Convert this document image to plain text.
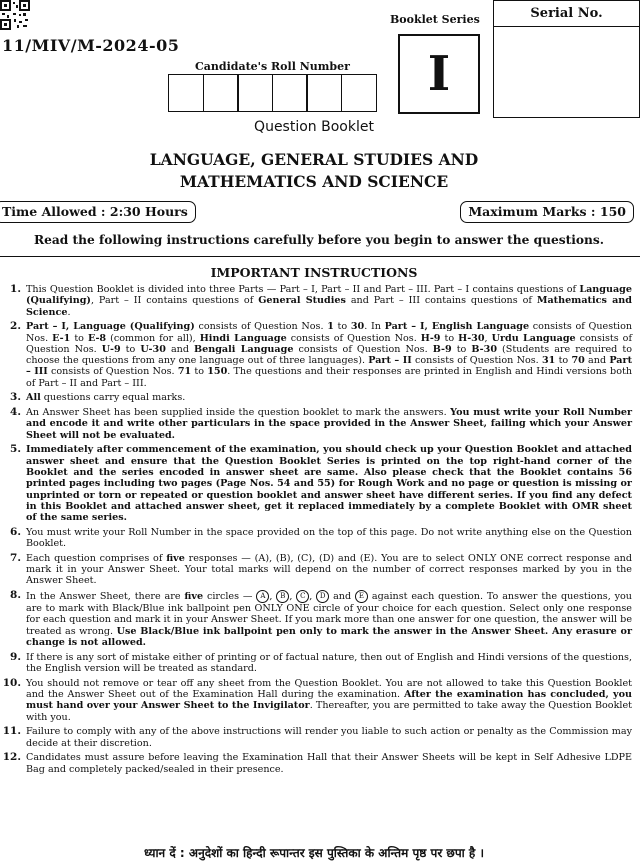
11/MIV/M-2024-05
Booklet Series
I
Serial No.
Candidate's Roll Number
Question Booklet
LANGUAGE, GENERAL STUDIES AND
MATHEMATICS AND SCIENCE
Time Allowed : 2:30 Hours	Maximum Marks : 150
Read the following instructions carefully before you begin to answer the questions.
IMPORTANT INSTRUCTIONS
1. This Question Booklet is divided into three Parts — Part – I, Part – II and Part – III. Part – I contains questions of Language (Qualifying), Part – II contains questions of General Studies and Part – III contains questions of Mathematics and Science.
2. Part – I, Language (Qualifying) consists of Question Nos. 1 to 30. In Part – I, English Language consists of Question Nos. E-1 to E-8 (common for all), Hindi Language consists of Question Nos. H-9 to H-30, Urdu Language consists of Question Nos. U-9 to U-30 and Bengali Language consists of Question Nos. B-9 to B-30 (Students are required to choose the questions from any one language out of three languages). Part – II consists of Question Nos. 31 to 70 and Part – III consists of Question Nos. 71 to 150. The questions and their responses are printed in English and Hindi versions both of Part – II and Part – III.
3. All questions carry equal marks.
4. An Answer Sheet has been supplied inside the question booklet to mark the answers. You must write your Roll Number and encode it and write other particulars in the space provided in the Answer Sheet, failing which your Answer Sheet will not be evaluated.
5. Immediately after commencement of the examination, you should check up your Question Booklet and attached answer sheet and ensure that the Question Booklet Series is printed on the top right-hand corner of the Booklet and the series encoded in answer sheet are same. Also please check that the Booklet contains 56 printed pages including two pages (Page Nos. 54 and 55) for Rough Work and no page or question is missing or unprinted or torn or repeated or question booklet and answer sheet have different series. If you find any defect in this Booklet and attached answer sheet, get it replaced immediately by a complete Booklet with OMR sheet of the same series.
6. You must write your Roll Number in the space provided on the top of this page. Do not write anything else on the Question Booklet.
7. Each question comprises of five responses — (A), (B), (C), (D) and (E). You are to select ONLY ONE correct response and mark it in your Answer Sheet. Your total marks will depend on the number of correct responses marked by you in the Answer Sheet.
8. In the Answer Sheet, there are five circles — A , B , C , D and E against each question. To answer the questions, you are to mark with Black/Blue ink ballpoint pen ONLY ONE circle of your choice for each question. Select only one response for each question and mark it in your Answer Sheet. If you mark more than one answer for one question, the answer will be treated as wrong. Use Black/Blue ink ballpoint pen only to mark the answer in the Answer Sheet. Any erasure or change is not allowed.
9. If there is any sort of mistake either of printing or of factual nature, then out of English and Hindi versions of the questions, the English version will be treated as standard.
10. You should not remove or tear off any sheet from the Question Booklet. You are not allowed to take this Question Booklet and the Answer Sheet out of the Examination Hall during the examination. After the examination has concluded, you must hand over your Answer Sheet to the Invigilator. Thereafter, you are permitted to take away the Question Booklet with you.
11. Failure to comply with any of the above instructions will render you liable to such action or penalty as the Commission may decide at their discretion.
12. Candidates must assure before leaving the Examination Hall that their Answer Sheets will be kept in Self Adhesive LDPE Bag and completely packed/sealed in their presence.
ध्यान दें : अनुदेशों का हिन्दी रूपान्तर इस पुस्तिका के अन्तिम पृष्ठ पर छपा है ।
